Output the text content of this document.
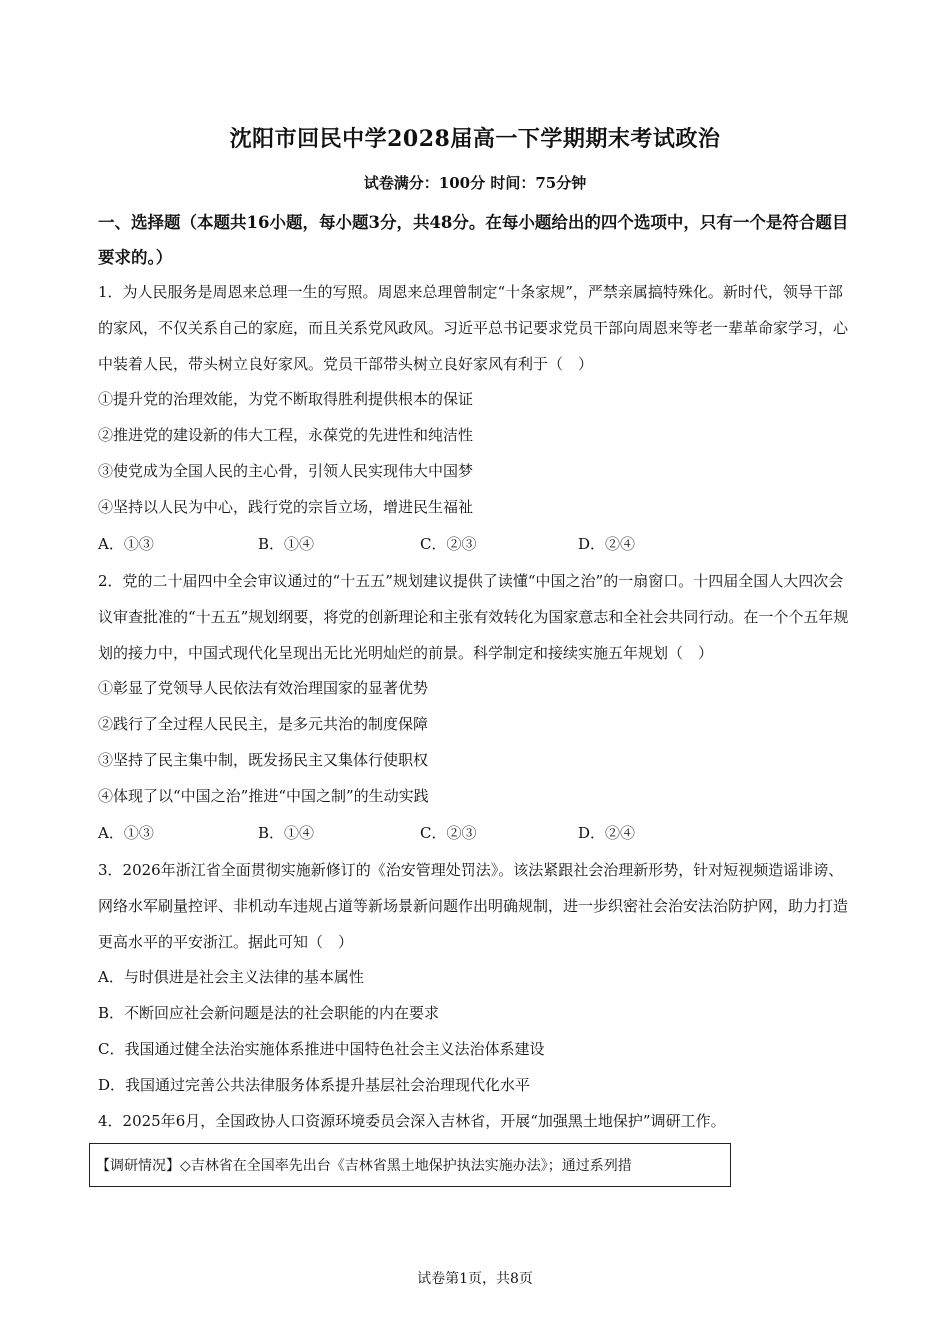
沈阳市回民中学2028届高一下学期期末考试政治
试卷满分：100分 时间：75分钟
一、选择题（本题共16小题，每小题3分，共48分。在每小题给出的四个选项中，只有一个是符合题目要求的。）
1．为人民服务是周恩来总理一生的写照。周恩来总理曾制定“十条家规”，严禁亲属搞特殊化。新时代，领导干部的家风，不仅关系自己的家庭，而且关系党风政风。习近平总书记要求党员干部向周恩来等老一辈革命家学习，心中装着人民，带头树立良好家风。党员干部带头树立良好家风有利于（　）
①提升党的治理效能，为党不断取得胜利提供根本的保证
②推进党的建设新的伟大工程，永葆党的先进性和纯洁性
③使党成为全国人民的主心骨，引领人民实现伟大中国梦
④坚持以人民为中心，践行党的宗旨立场，增进民生福祉
A．①③	B．①④	C．②③	D．②④
2．党的二十届四中全会审议通过的“十五五”规划建议提供了读懂“中国之治”的一扇窗口。十四届全国人大四次会议审查批准的“十五五”规划纲要，将党的创新理论和主张有效转化为国家意志和全社会共同行动。在一个个五年规划的接力中，中国式现代化呈现出无比光明灿烂的前景。科学制定和接续实施五年规划（　）
①彰显了党领导人民依法有效治理国家的显著优势
②践行了全过程人民民主，是多元共治的制度保障
③坚持了民主集中制，既发扬民主又集体行使职权
④体现了以“中国之治”推进“中国之制”的生动实践
A．①③	B．①④	C．②③	D．②④
3．2026年浙江省全面贯彻实施新修订的《治安管理处罚法》。该法紧跟社会治理新形势，针对短视频造谣诽谤、网络水军刷量控评、非机动车违规占道等新场景新问题作出明确规制，进一步织密社会治安法治防护网，助力打造更高水平的平安浙江。据此可知（　）
A．与时俱进是社会主义法律的基本属性
B．不断回应社会新问题是法的社会职能的内在要求
C．我国通过健全法治实施体系推进中国特色社会主义法治体系建设
D．我国通过完善公共法律服务体系提升基层社会治理现代化水平
4．2025年6月，全国政协人口资源环境委员会深入吉林省，开展“加强黑土地保护”调研工作。
【调研情况】◇吉林省在全国率先出台《吉林省黑土地保护执法实施办法》；通过系列措
试卷第1页，共8页
